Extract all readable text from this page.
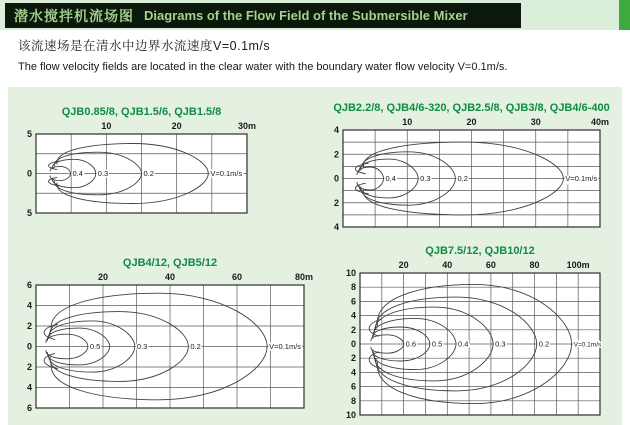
潜水搅拌机流场图 Diagrams of the Flow Field of the Submersible Mixer

该流速场是在清水中边界水流速度V=0.1m/s

The flow velocity fields are located in the clear water with the boundary water flow velocity V=0.1m/s.

10	20	30m
5
0
5
0.4 0.3	0.2	V=0.1m/s
10	20	30	40m
4
2
0
2
4
0.4	0.3	0.2	V=0.1m/s
20	40	60	80m
6
4
2
0
2
4
6
0.5	0.3	0.2	V=0.1m/s
20	40	60	80	100m
10
8
6
4
2
0
2
4
6
8
10
0.6 0.5 0.4	0.3	0.2	V=0.1m/s
QJB0.85/8, QJB1.5/6, QJB1.5/8	QJB2.2/8, QJB4/6-320, QJB2.5/8, QJB3/8, QJB4/6-400
QJB4/12, QJB5/12
QJB7.5/12, QJB10/12
